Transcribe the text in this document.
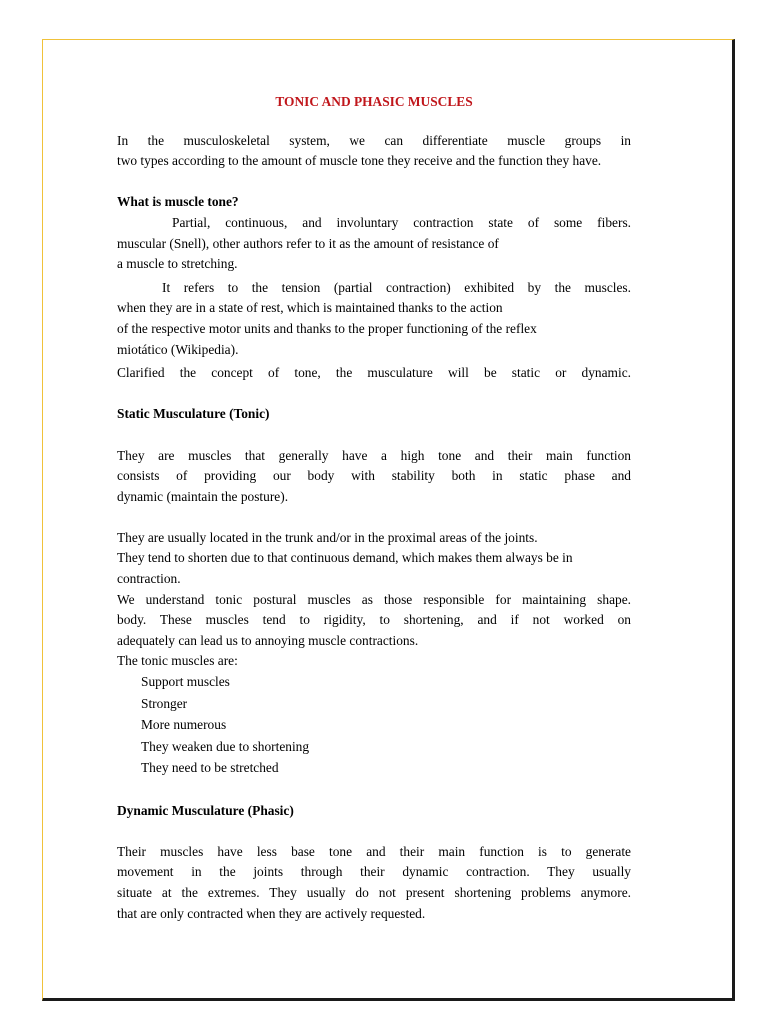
TONIC AND PHASIC MUSCLES
In the musculoskeletal system, we can differentiate muscle groups in
two types according to the amount of muscle tone they receive and the function they have.
What is muscle tone?
Partial, continuous, and involuntary contraction state of some fibers.
muscular (Snell), other authors refer to it as the amount of resistance of
a muscle to stretching.
It refers to the tension (partial contraction) exhibited by the muscles.
when they are in a state of rest, which is maintained thanks to the action
of the respective motor units and thanks to the proper functioning of the reflex
miotático (Wikipedia).
Clarified the concept of tone, the musculature will be static or dynamic.
Static Musculature (Tonic)
They are muscles that generally have a high tone and their main function
consists of providing our body with stability both in static phase and
dynamic (maintain the posture).
They are usually located in the trunk and/or in the proximal areas of the joints.
They tend to shorten due to that continuous demand, which makes them always be in
contraction.
We understand tonic postural muscles as those responsible for maintaining shape.
body. These muscles tend to rigidity, to shortening, and if not worked on
adequately can lead us to annoying muscle contractions.
The tonic muscles are:
Support muscles
Stronger
More numerous
They weaken due to shortening
They need to be stretched
Dynamic Musculature (Phasic)
Their muscles have less base tone and their main function is to generate
movement in the joints through their dynamic contraction. They usually
situate at the extremes. They usually do not present shortening problems anymore.
that are only contracted when they are actively requested.
